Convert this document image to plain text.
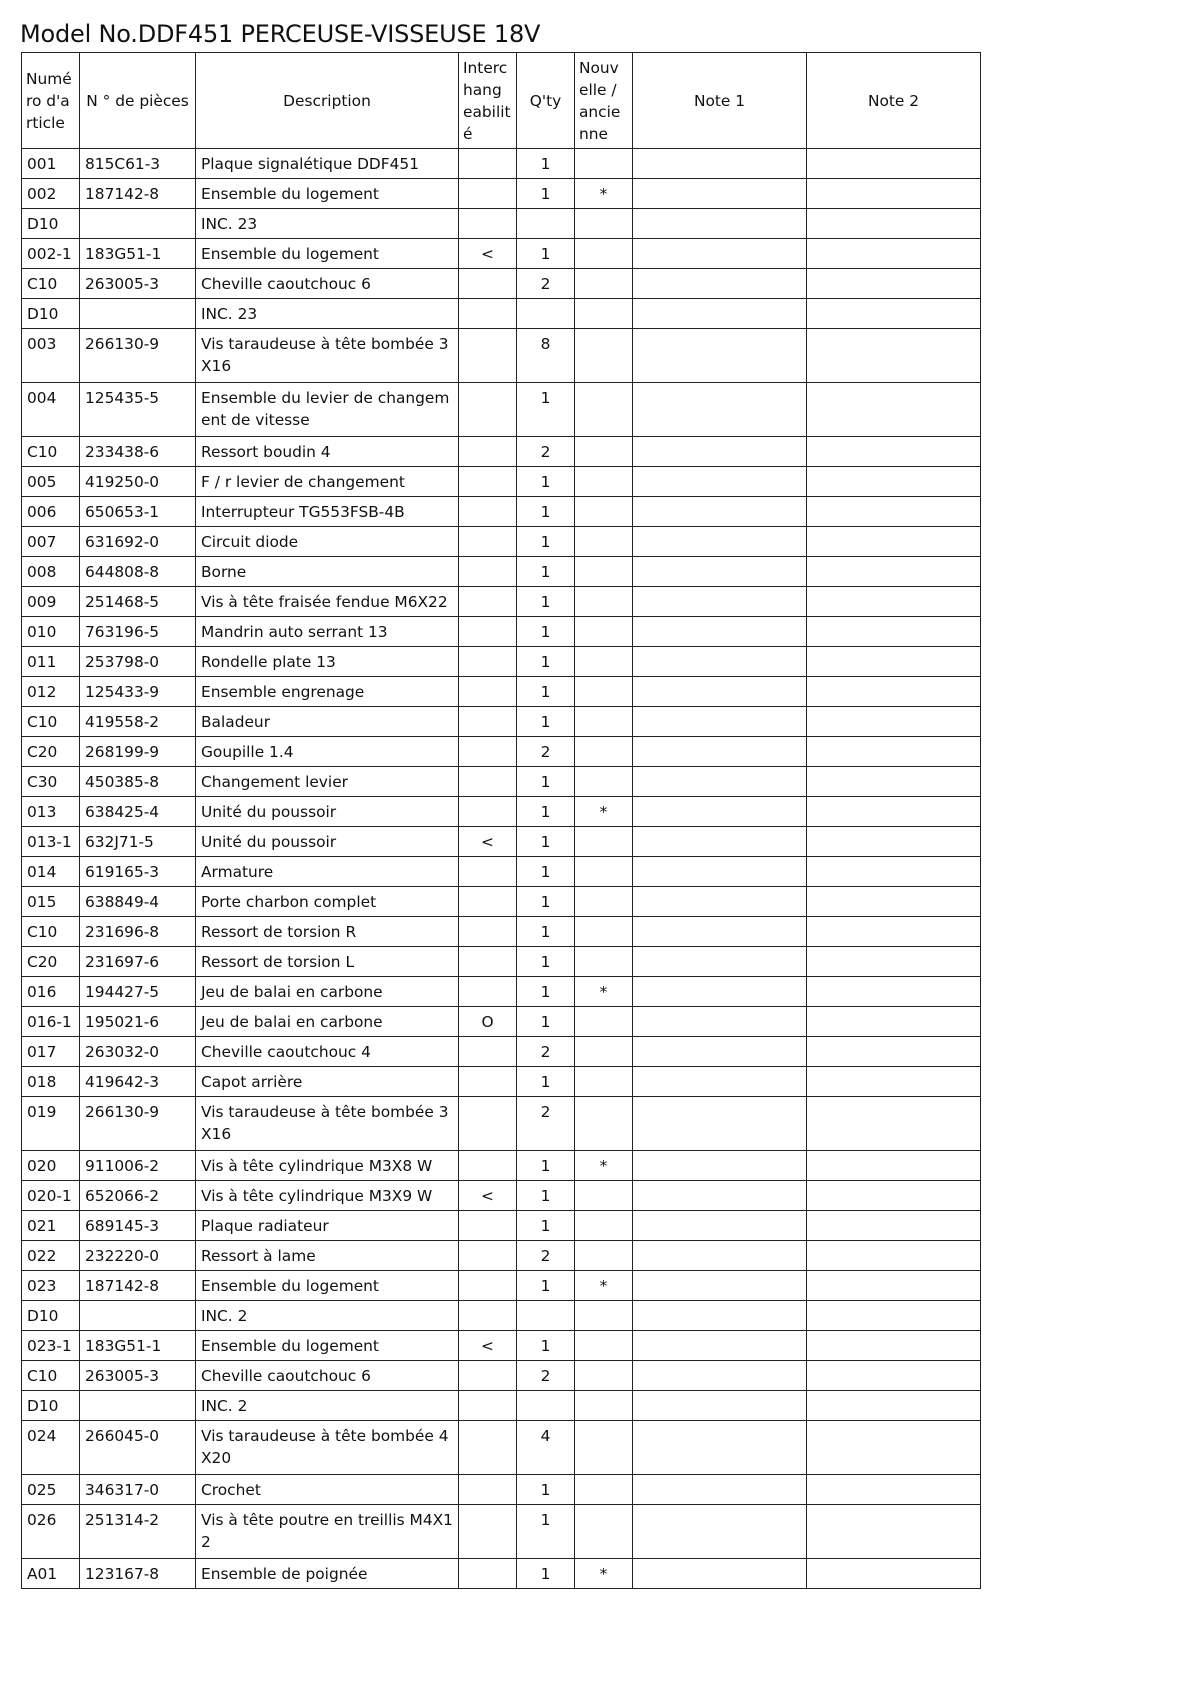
Model No.DDF451 PERCEUSE-VISSEUSE 18V
Numé ro d'a rticle	N ° de pièces	Description	Interc hang eabilit é	Q'ty	Nouv elle / ancie nne	Note 1	Note 2
001	815C61-3	Plaque signalétique DDF451		1			
002	187142-8	Ensemble du logement		1	*		
D10		INC. 23					
002-1	183G51-1	Ensemble du logement	<	1			
C10	263005-3	Cheville caoutchouc 6		2			
D10		INC. 23					
003	266130-9	Vis taraudeuse à tête bombée 3X16		8			
004	125435-5	Ensemble du levier de changement de vitesse		1			
C10	233438-6	Ressort boudin 4		2			
005	419250-0	F / r levier de changement		1			
006	650653-1	Interrupteur TG553FSB-4B		1			
007	631692-0	Circuit diode		1			
008	644808-8	Borne		1			
009	251468-5	Vis à tête fraisée fendue M6X22		1			
010	763196-5	Mandrin auto serrant 13		1			
011	253798-0	Rondelle plate 13		1			
012	125433-9	Ensemble engrenage		1			
C10	419558-2	Baladeur		1			
C20	268199-9	Goupille 1.4		2			
C30	450385-8	Changement levier		1			
013	638425-4	Unité du poussoir		1	*		
013-1	632J71-5	Unité du poussoir	<	1			
014	619165-3	Armature		1			
015	638849-4	Porte charbon complet		1			
C10	231696-8	Ressort de torsion R		1			
C20	231697-6	Ressort de torsion L		1			
016	194427-5	Jeu de balai en carbone		1	*		
016-1	195021-6	Jeu de balai en carbone	O	1			
017	263032-0	Cheville caoutchouc 4		2			
018	419642-3	Capot arrière		1			
019	266130-9	Vis taraudeuse à tête bombée 3X16		2			
020	911006-2	Vis à tête cylindrique M3X8 W		1	*		
020-1	652066-2	Vis à tête cylindrique M3X9 W	<	1			
021	689145-3	Plaque radiateur		1			
022	232220-0	Ressort à lame		2			
023	187142-8	Ensemble du logement		1	*		
D10		INC. 2					
023-1	183G51-1	Ensemble du logement	<	1			
C10	263005-3	Cheville caoutchouc 6		2			
D10		INC. 2					
024	266045-0	Vis taraudeuse à tête bombée 4X20		4			
025	346317-0	Crochet		1			
026	251314-2	Vis à tête poutre en treillis M4X12		1			
A01	123167-8	Ensemble de poignée		1	*		
